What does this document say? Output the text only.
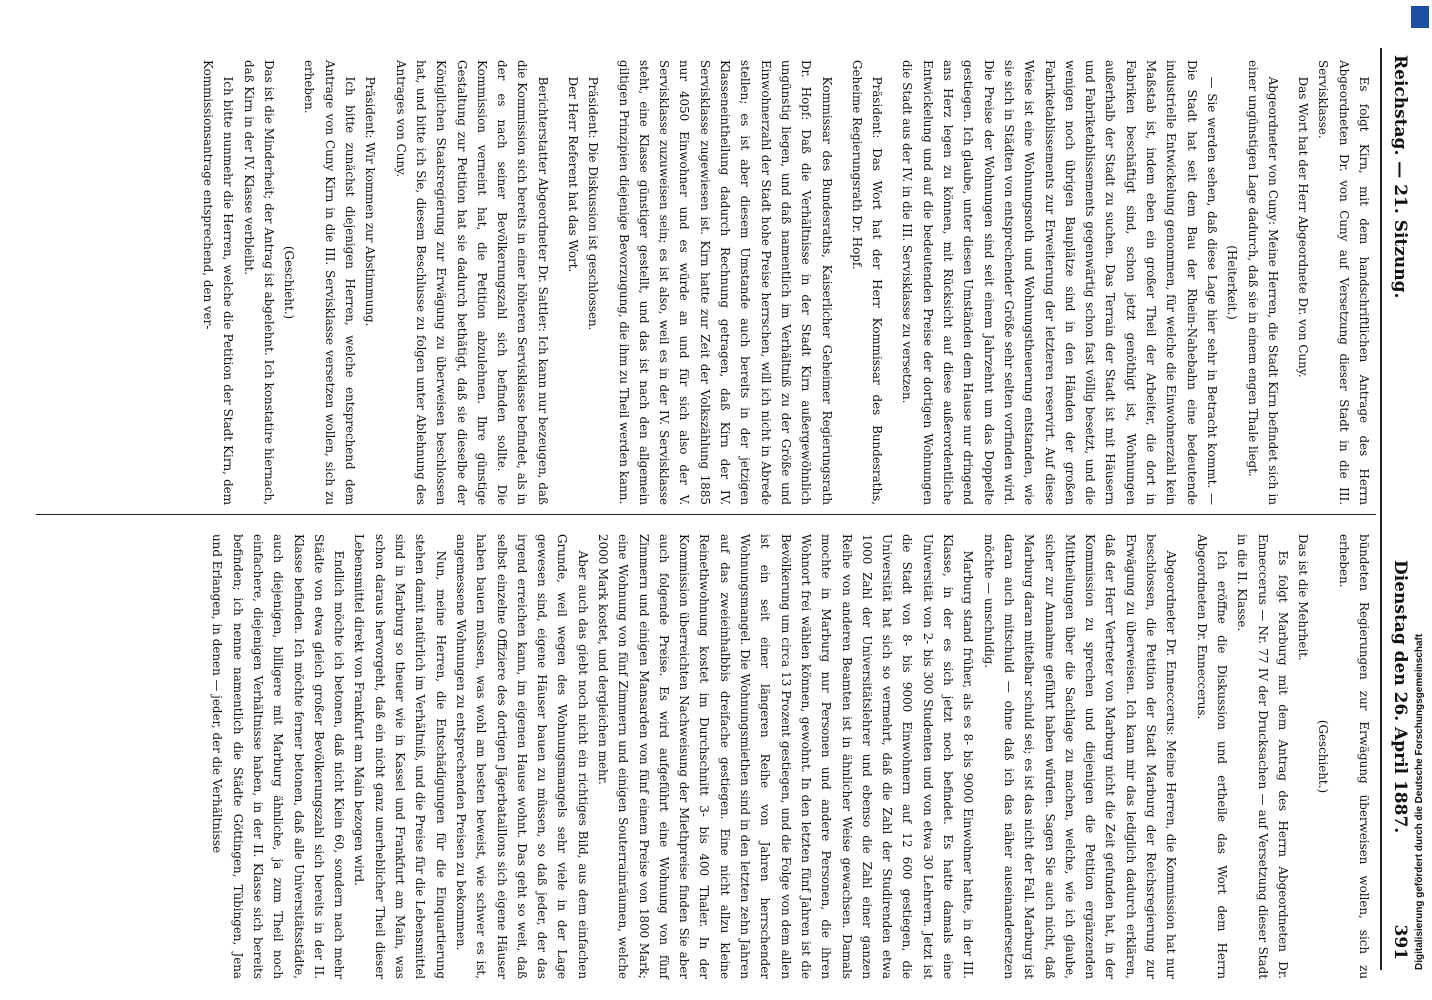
Reichstag. — 21. Sitzung.
Dienstag den 26. April 1887.
391

Es folgt Kirn, mit dem handschriftlichen Antrage des Herrn Abgeordneten Dr. von Cuny auf Versetzung dieser Stadt in die III. Servisklasse.

Das Wort hat der Herr Abgeordnete Dr. von Cuny.

Abgeordneter von Cuny: Meine Herren, die Stadt Kirn befindet sich in einer ungünstigen Lage dadurch, daß sie in einem engen Thale liegt.

(Heiterkeit.)

— Sie werden sehen, daß diese Lage hier sehr in Betracht kommt. — Die Stadt hat seit dem Bau der Rhein-Nahebahn eine bedeutende industrielle Entwickelung genommen, für welche die Einwohnerzahl kein Maßstab ist, indem eben ein großer Theil der Arbeiter, die dort in Fabriken beschäftigt sind, schon jetzt genöthigt ist, Wohnungen außerhalb der Stadt zu suchen. Das Terrain der Stadt ist mit Häusern und Fabriketablissements gegenwärtig schon fast völlig besetzt, und die wenigen noch übrigen Bauplätze sind in den Händen der großen Fabriketablissements zur Erweiterung der letzteren reservirt. Auf diese Weise ist eine Wohnungsnoth und Wohnungstheuerung entstanden, wie sie sich in Städten von entsprechender Größe sehr selten vorfinden wird. Die Preise der Wohnungen sind seit einem Jahrzehnt um das Doppelte gestiegen. Ich glaube, unter diesen Umständen dem Hause nur dringend ans Herz legen zu können, mit Rücksicht auf diese außerordentliche Entwickelung und auf die bedeutenden Preise der dortigen Wohnungen die Stadt aus der IV. in die III. Servisklasse zu versetzen.

Präsident: Das Wort hat der Herr Kommissar des Bundesraths, Geheime Regierungsrath Dr. Hopf.

Kommissar des Bundesraths, Kaiserlicher Geheimer Regierungsrath Dr. Hopf: Daß die Verhältnisse in der Stadt Kirn außergewöhnlich ungünstig liegen, und daß namentlich im Verhältniß zu der Größe und Einwohnerzahl der Stadt hohe Preise herrschen, will ich nicht in Abrede stellen; es ist aber diesem Umstande auch bereits in der jetzigen Klasseneintheilung dadurch Rechnung getragen, daß Kirn der IV. Servisklasse zugewiesen ist. Kirn hatte zur Zeit der Volkszählung 1885 nur 4050 Einwohner und es würde an und für sich also der V. Servisklasse zuzuweisen sein; es ist also, weil es in der IV. Servisklasse steht, eine Klasse günstiger gestellt, und das ist nach den allgemein giltigen Prinzipien diejenige Bevorzugung, die ihm zu Theil werden kann.

Präsident: Die Diskussion ist geschlossen.

Der Herr Referent hat das Wort.

Berichterstatter Abgeordneter Dr. Sattler: Ich kann nur bezeugen, daß die Kommission sich bereits in einer höheren Servisklasse befindet, als in der es nach seiner Bevölkerungszahl sich befinden sollte. Die Kommission verneint hat, die Petition abzulehnen. Ihre günstige Gestaltung zur Petition hat sie dadurch bethätigt, daß sie dieselbe der Königlichen Staatsregierung zur Erwägung zu überweisen beschlossen hat, und bitte ich Sie, diesem Beschlusse zu folgen unter Ablehnung des Antrages von Cuny.

Präsident: Wir kommen zur Abstimmung.

Ich bitte zunächst diejenigen Herren, welche entsprechend dem Antrage von Cuny Kirn in die III. Servisklasse versetzen wollen, sich zu erheben.

(Geschieht.)

Das ist die Minderheit; der Antrag ist abgelehnt. Ich konstatire hiernach, daß Kirn in der IV. Klasse verbleibt.

Ich bitte nunmehr die Herren, welche die Petition der Stadt Kirn, dem Kommissionsantrage entsprechend, den ver-

bündeten Regierungen zur Erwägung überweisen wollen, sich zu erheben.

(Geschieht.)

Das ist die Mehrheit.

Es folgt Marburg mit dem Antrag des Herrn Abgeordneten Dr. Enneccerus — Nr. 77 IV der Drucksachen — auf Versetzung dieser Stadt in die II. Klasse.

Ich eröffne die Diskussion und ertheile das Wort dem Herrn Abgeordneten Dr. Enneccerus.

Abgeordneter Dr. Enneccerus: Meine Herren, die Kommission hat nur beschlossen, die Petition der Stadt Marburg der Reichsregierung zur Erwägung zu überweisen. Ich kann mir das lediglich dadurch erklären, daß der Herr Vertreter von Marburg nicht die Zeit gefunden hat, in der Kommission zu sprechen und diejenigen die Petition ergänzenden Mittheilungen über die Sachlage zu machen, welche, wie ich glaube, sicher zur Annahme geführt haben würden. Sagen Sie auch nicht, daß Marburg daran mittelbar schuld sei; es ist das nicht der Fall. Marburg ist daran auch mitschuld — ohne daß ich das näher auseinandersetzen möchte — unschuldig.

Marburg stand früher, als es 8- bis 9000 Einwohner hatte, in der III. Klasse, in der es sich jetzt noch befindet. Es hatte damals eine Universität von 2- bis 300 Studenten und von etwa 30 Lehrern. Jetzt ist die Stadt von 8- bis 9000 Einwohnern auf 12 600 gestiegen, die Universität hat sich so vermehrt, daß die Zahl der Studirenden etwa 1000 Zahl der Universitätslehrer und ebenso die Zahl einer ganzen Reihe von anderen Beamten ist in ähnlicher Weise gewachsen. Damals mochte in Marburg nur Personen und andere Personen, die ihren Wohnort frei wählen können, gewohnt. In den letzten fünf Jahren ist die Bevölkerung um circa 13 Prozent gestiegen, und die Folge von dem allen ist ein seit einer längeren Reihe von Jahren herrschender Wohnungsmangel. Die Wohnungsmiethen sind in den letzten zehn Jahren auf das zweieinhalbbis dreifache gestiegen. Eine nicht allzu kleine Reinethwohnung kostet im Durchschnitt 3- bis 400 Thaler. In der Kommission überreichten Nachweisung der Miethpreise finden Sie aber auch folgende Preise. Es wird aufgeführt eine Wohnung von fünf Zimmern und einigen Mansarden von fünf einem Preise von 1800 Mark; eine Wohnung von fünf Zimmern und einigen Souterrainräumen, welche 2000 Mark kostet, und dergleichen mehr.

Aber auch das giebt noch nicht ein richtiges Bild, aus dem einfachen Grunde, weil wegen des Wohnungsmangels sehr viele in der Lage gewesen sind, eigene Häuser bauen zu müssen, so daß jeder, der das irgend erreichen kann, im eigenen Hause wohnt. Das geht so weit, daß selbst einzelne Offiziere des dortigen Jägerbataillons sich eigene Häuser haben bauen müssen, was wohl am besten beweist, wie schwer es ist, angemessene Wohnungen zu entsprechenden Preisen zu bekommen.

Nun, meine Herren, die Entschädigungen für die Einquartierung stehen damit natürlich im Verhältniß, und die Preise für die Lebensmittel sind in Marburg so theuer wie in Kassel und Frankfurt am Main, was schon daraus hervorgeht, daß ein nicht ganz unerheblicher Theil dieser Lebensmittel direkt von Frankfurt am Main bezogen wird.

Endlich möchte ich betonen, daß nicht Kiein 60, sondern nach mehr Städte von etwa gleich großer Bevölkerungszahl sich bereits in der II. Klasse befinden. Ich möchte ferner betonen, daß alle Universitätsstädte, auch diejenigen, billigere mit Marburg ähnliche, ja zum Theil noch einfachere, diejenigen Verhältnisse haben, in der II. Klasse sich bereits befinden; ich nenne namentlich die Städte Göttingen, Tübingen, Jena und Erlangen, in denen — jeder, der die Verhältnisse	Digitalisierung gefördert durch die Deutsche Forschungsgemeinschaft
